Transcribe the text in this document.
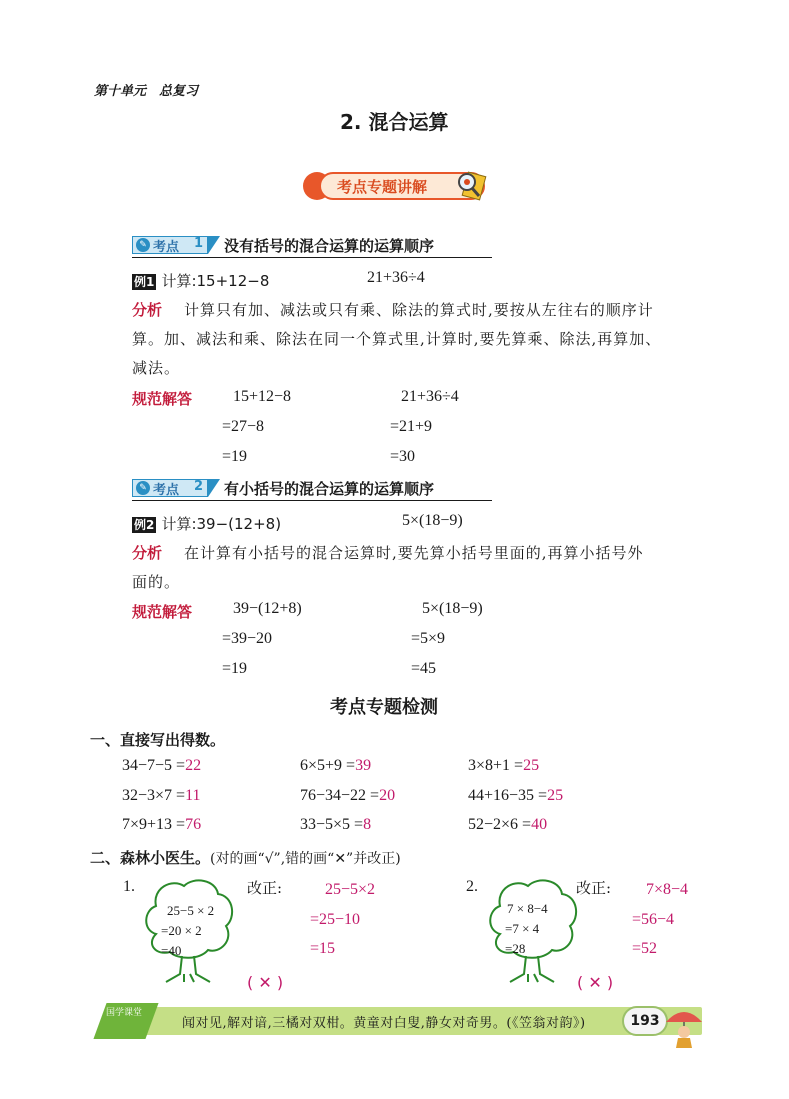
第十单元　总复习
2. 混合运算
考点专题讲解
✎ 考点 1 没有括号的混合运算的运算顺序
例1 计算:15+12−8	21+36÷4
分析 计算只有加、减法或只有乘、除法的算式时,要按从左往右的顺序计
算。加、减法和乘、除法在同一个算式里,计算时,要先算乘、除法,再算加、
减法。
规范解答	15+12−8
=27−8
=19
21+36÷4
=21+9
=30
✎ 考点 2 有小括号的混合运算的运算顺序
例2 计算:39−(12+8)	5×(18−9)
分析 在计算有小括号的混合运算时,要先算小括号里面的,再算小括号外
面的。
规范解答	39−(12+8)
=39−20
=19
5×(18−9)
=5×9
=45
考点专题检测
一、直接写出得数。
34−7−5 =22	6×5+9 =39	3×8+1 =25
32−3×7 =11	76−34−22 =20	44+16−35 =25
7×9+13 =76	33−5×5 =8	52−2×6 =40
二、森林小医生。(对的画“√”,错的画“✕”并改正)
1.
25−5 × 2
=20 × 2
=40
改正:	25−5×2
=25−10
=15
( ✕ )
2.
7 × 8−4
=7 × 4
=28
改正: 7×8−4
=56−4
=52
( ✕ )
国学课堂
闻对见,解对谙,三橘对双柑。黄童对白叟,静女对奇男。(《笠翁对韵》)	193
